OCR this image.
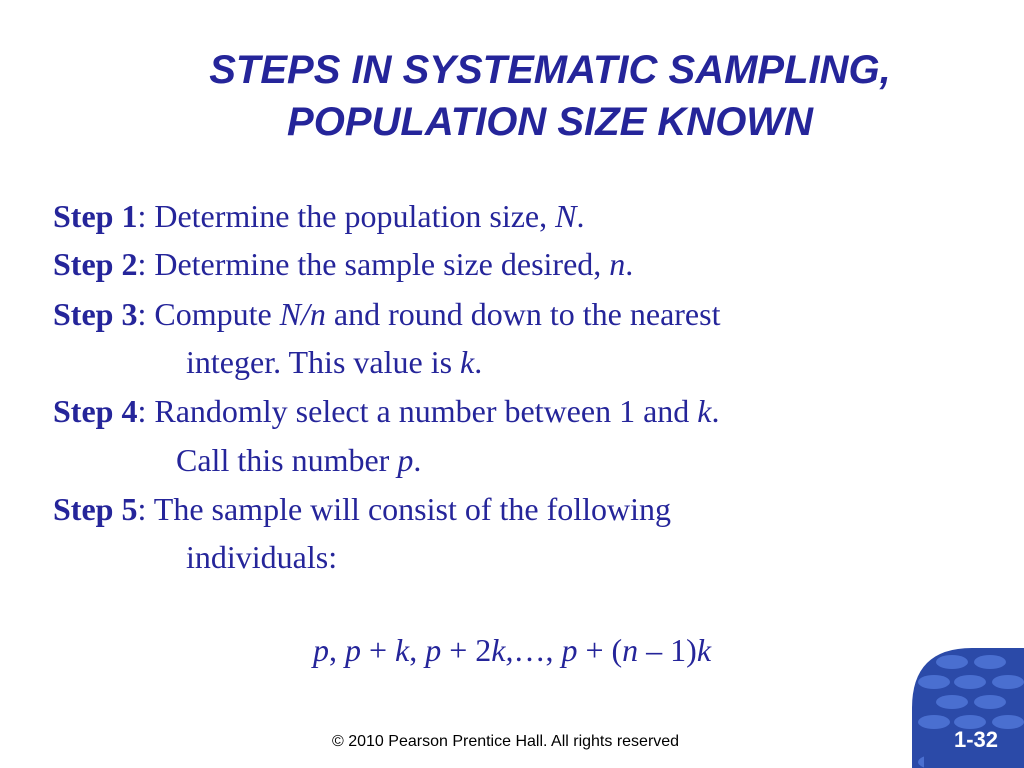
STEPS IN SYSTEMATIC SAMPLING,
POPULATION SIZE KNOWN
Step 1: Determine the population size, N.
Step 2: Determine the sample size desired, n.
Step 3: Compute N/n and round down to the nearest
integer. This value is k.
Step 4: Randomly select a number between 1 and k.
Call this number p.
Step 5: The sample will consist of the following
individuals:
p, p + k, p + 2k,…, p + (n – 1)k
© 2010 Pearson Prentice Hall. All rights reserved	1-32
